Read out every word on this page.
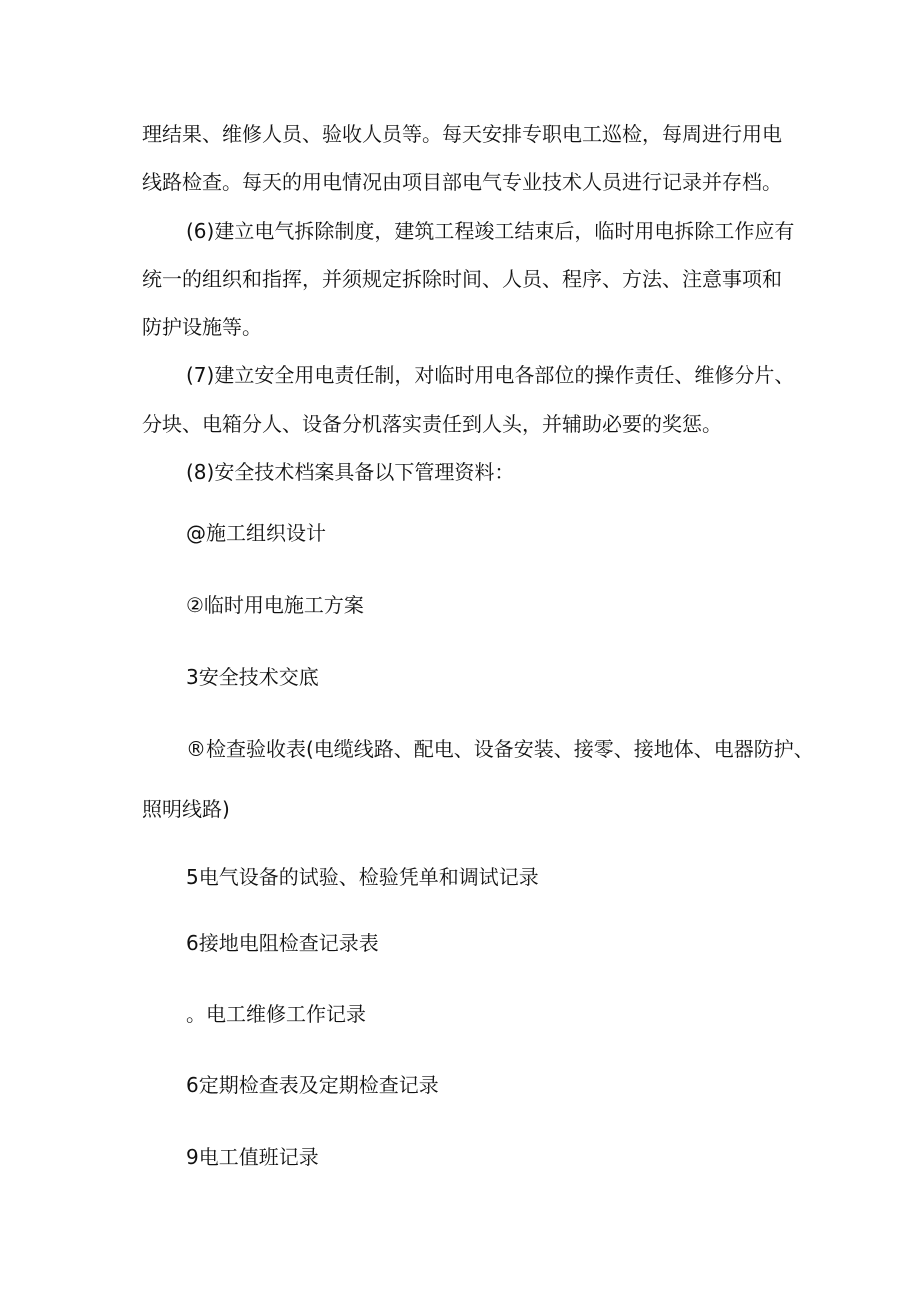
理结果、维修人员、验收人员等。每天安排专职电工巡检，每周进行用电

线路检查。每天的用电情况由项目部电气专业技术人员进行记录并存档。

(6)建立电气拆除制度，建筑工程竣工结束后，临时用电拆除工作应有

统一的组织和指挥，并须规定拆除时间、人员、程序、方法、注意事项和

防护设施等。

(7)建立安全用电责任制，对临时用电各部位的操作责任、维修分片、

分块、电箱分人、设备分机落实责任到人头，并辅助必要的奖惩。

(8)安全技术档案具备以下管理资料：

@施工组织设计

②临时用电施工方案

3安全技术交底

®检查验收表(电缆线路、配电、设备安装、接零、接地体、电器防护、

照明线路)

5电气设备的试验、检验凭单和调试记录

6接地电阻检查记录表

。电工维修工作记录

6定期检查表及定期检查记录

9电工值班记录
